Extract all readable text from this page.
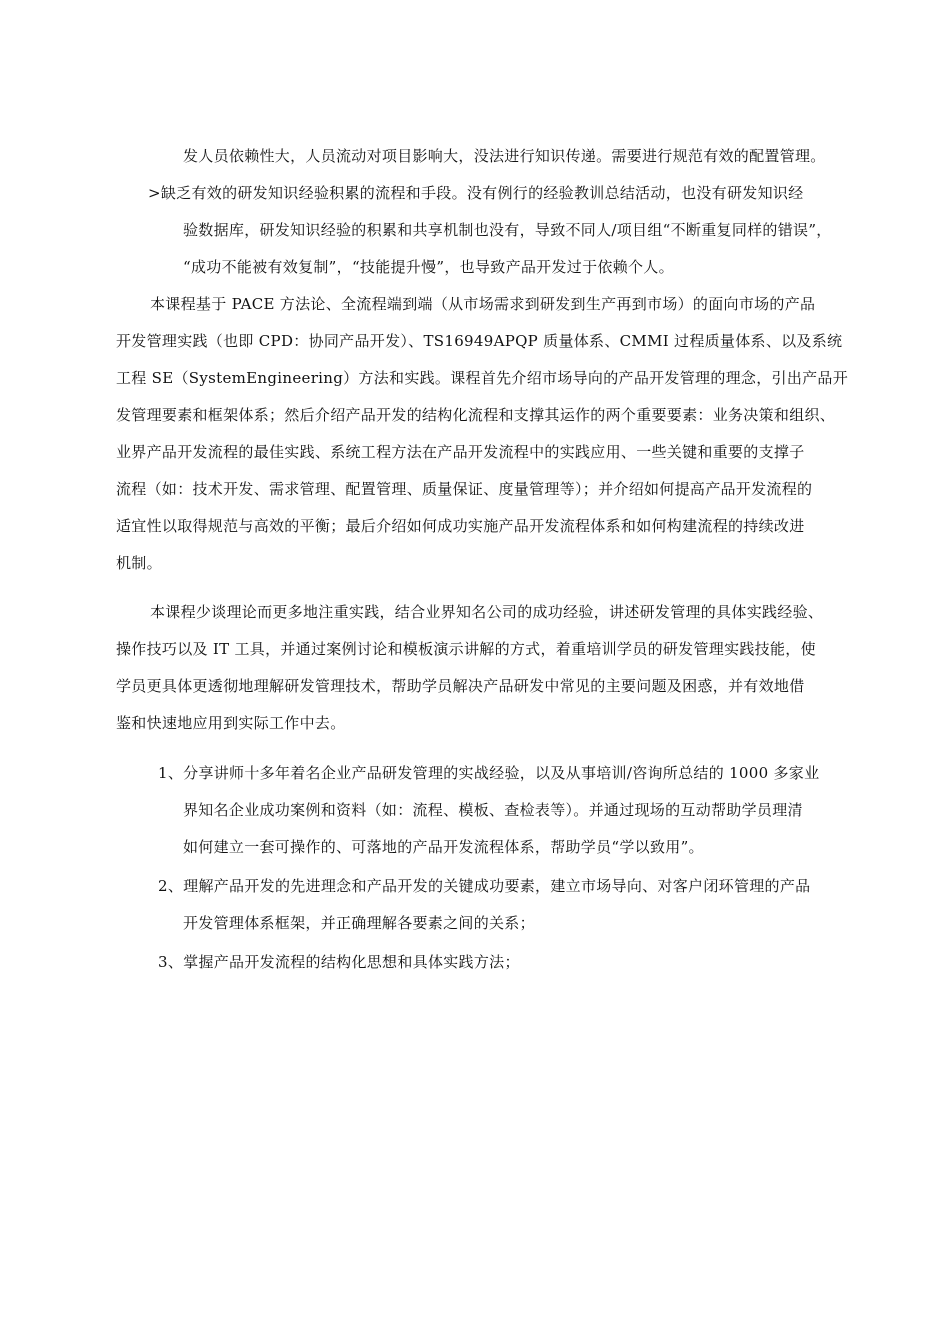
发人员依赖性大，人员流动对项目影响大，没法进行知识传递。需要进行规范有效的配置管理。
>缺乏有效的研发知识经验积累的流程和手段。没有例行的经验教训总结活动，也没有研发知识经
验数据库，研发知识经验的积累和共享机制也没有，导致不同人/项目组“不断重复同样的错误”，
“成功不能被有效复制”，“技能提升慢”，也导致产品开发过于依赖个人。
本课程基于 PACE 方法论、全流程端到端（从市场需求到研发到生产再到市场）的面向市场的产品
开发管理实践（也即 CPD：协同产品开发）、TS16949APQP 质量体系、CMMI 过程质量体系、以及系统
工程 SE（SystemEngineering）方法和实践。课程首先介绍市场导向的产品开发管理的理念，引出产品开
发管理要素和框架体系；然后介绍产品开发的结构化流程和支撑其运作的两个重要要素：业务决策和组织、
业界产品开发流程的最佳实践、系统工程方法在产品开发流程中的实践应用、一些关键和重要的支撑子
流程（如：技术开发、需求管理、配置管理、质量保证、度量管理等）；并介绍如何提高产品开发流程的
适宜性以取得规范与高效的平衡；最后介绍如何成功实施产品开发流程体系和如何构建流程的持续改进
机制。
本课程少谈理论而更多地注重实践，结合业界知名公司的成功经验，讲述研发管理的具体实践经验、
操作技巧以及 IT 工具，并通过案例讨论和模板演示讲解的方式，着重培训学员的研发管理实践技能，使
学员更具体更透彻地理解研发管理技术，帮助学员解决产品研发中常见的主要问题及困惑，并有效地借
鉴和快速地应用到实际工作中去。
1、分享讲师十多年着名企业产品研发管理的实战经验，以及从事培训/咨询所总结的 1000 多家业
界知名企业成功案例和资料（如：流程、模板、查检表等）。并通过现场的互动帮助学员理清
如何建立一套可操作的、可落地的产品开发流程体系，帮助学员“学以致用”。
2、理解产品开发的先进理念和产品开发的关键成功要素，建立市场导向、对客户闭环管理的产品
开发管理体系框架，并正确理解各要素之间的关系；
3、掌握产品开发流程的结构化思想和具体实践方法；
